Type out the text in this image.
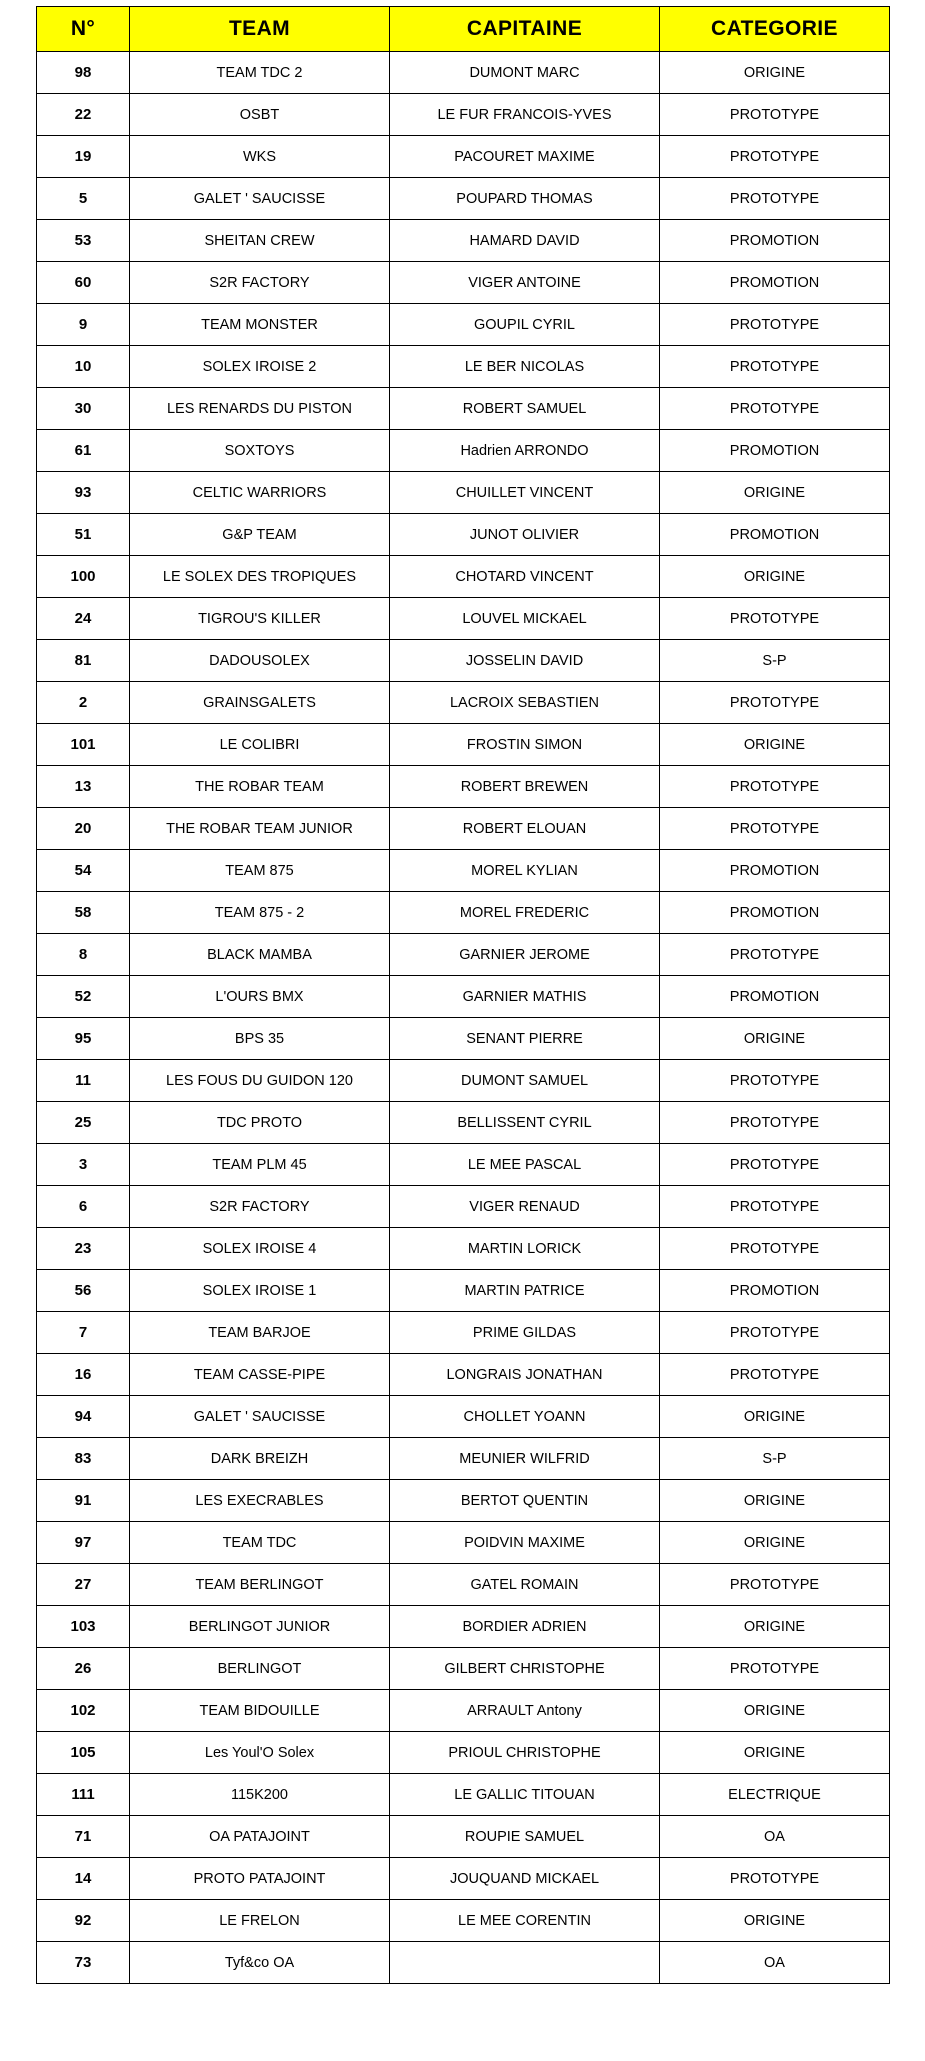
N°	TEAM	CAPITAINE	CATEGORIE
98	TEAM TDC 2	DUMONT MARC	ORIGINE
22	OSBT	LE FUR FRANCOIS-YVES	PROTOTYPE
19	WKS	PACOURET MAXIME	PROTOTYPE
5	GALET ' SAUCISSE	POUPARD THOMAS	PROTOTYPE
53	SHEITAN CREW	HAMARD DAVID	PROMOTION
60	S2R FACTORY	VIGER ANTOINE	PROMOTION
9	TEAM MONSTER	GOUPIL CYRIL	PROTOTYPE
10	SOLEX IROISE 2	LE BER NICOLAS	PROTOTYPE
30	LES RENARDS DU PISTON	ROBERT SAMUEL	PROTOTYPE
61	SOXTOYS	Hadrien ARRONDO	PROMOTION
93	CELTIC WARRIORS	CHUILLET VINCENT	ORIGINE
51	G&P TEAM	JUNOT OLIVIER	PROMOTION
100	LE SOLEX DES TROPIQUES	CHOTARD VINCENT	ORIGINE
24	TIGROU'S KILLER	LOUVEL MICKAEL	PROTOTYPE
81	DADOUSOLEX	JOSSELIN DAVID	S-P
2	GRAINSGALETS	LACROIX SEBASTIEN	PROTOTYPE
101	LE COLIBRI	FROSTIN SIMON	ORIGINE
13	THE ROBAR TEAM	ROBERT BREWEN	PROTOTYPE
20	THE ROBAR TEAM JUNIOR	ROBERT ELOUAN	PROTOTYPE
54	TEAM 875	MOREL KYLIAN	PROMOTION
58	TEAM 875 - 2	MOREL FREDERIC	PROMOTION
8	BLACK MAMBA	GARNIER JEROME	PROTOTYPE
52	L'OURS BMX	GARNIER MATHIS	PROMOTION
95	BPS 35	SENANT PIERRE	ORIGINE
11	LES FOUS DU GUIDON 120	DUMONT SAMUEL	PROTOTYPE
25	TDC PROTO	BELLISSENT CYRIL	PROTOTYPE
3	TEAM PLM 45	LE MEE PASCAL	PROTOTYPE
6	S2R FACTORY	VIGER RENAUD	PROTOTYPE
23	SOLEX IROISE 4	MARTIN LORICK	PROTOTYPE
56	SOLEX IROISE 1	MARTIN PATRICE	PROMOTION
7	TEAM BARJOE	PRIME GILDAS	PROTOTYPE
16	TEAM CASSE-PIPE	LONGRAIS JONATHAN	PROTOTYPE
94	GALET ' SAUCISSE	CHOLLET YOANN	ORIGINE
83	DARK BREIZH	MEUNIER WILFRID	S-P
91	LES EXECRABLES	BERTOT QUENTIN	ORIGINE
97	TEAM TDC	POIDVIN MAXIME	ORIGINE
27	TEAM BERLINGOT	GATEL ROMAIN	PROTOTYPE
103	BERLINGOT JUNIOR	BORDIER ADRIEN	ORIGINE
26	BERLINGOT	GILBERT CHRISTOPHE	PROTOTYPE
102	TEAM BIDOUILLE	ARRAULT Antony	ORIGINE
105	Les Youl'O Solex	PRIOUL CHRISTOPHE	ORIGINE
111	115K200	LE GALLIC TITOUAN	ELECTRIQUE
71	OA PATAJOINT	ROUPIE SAMUEL	OA
14	PROTO PATAJOINT	JOUQUAND MICKAEL	PROTOTYPE
92	LE FRELON	LE MEE CORENTIN	ORIGINE
73	Tyf&co OA		OA
